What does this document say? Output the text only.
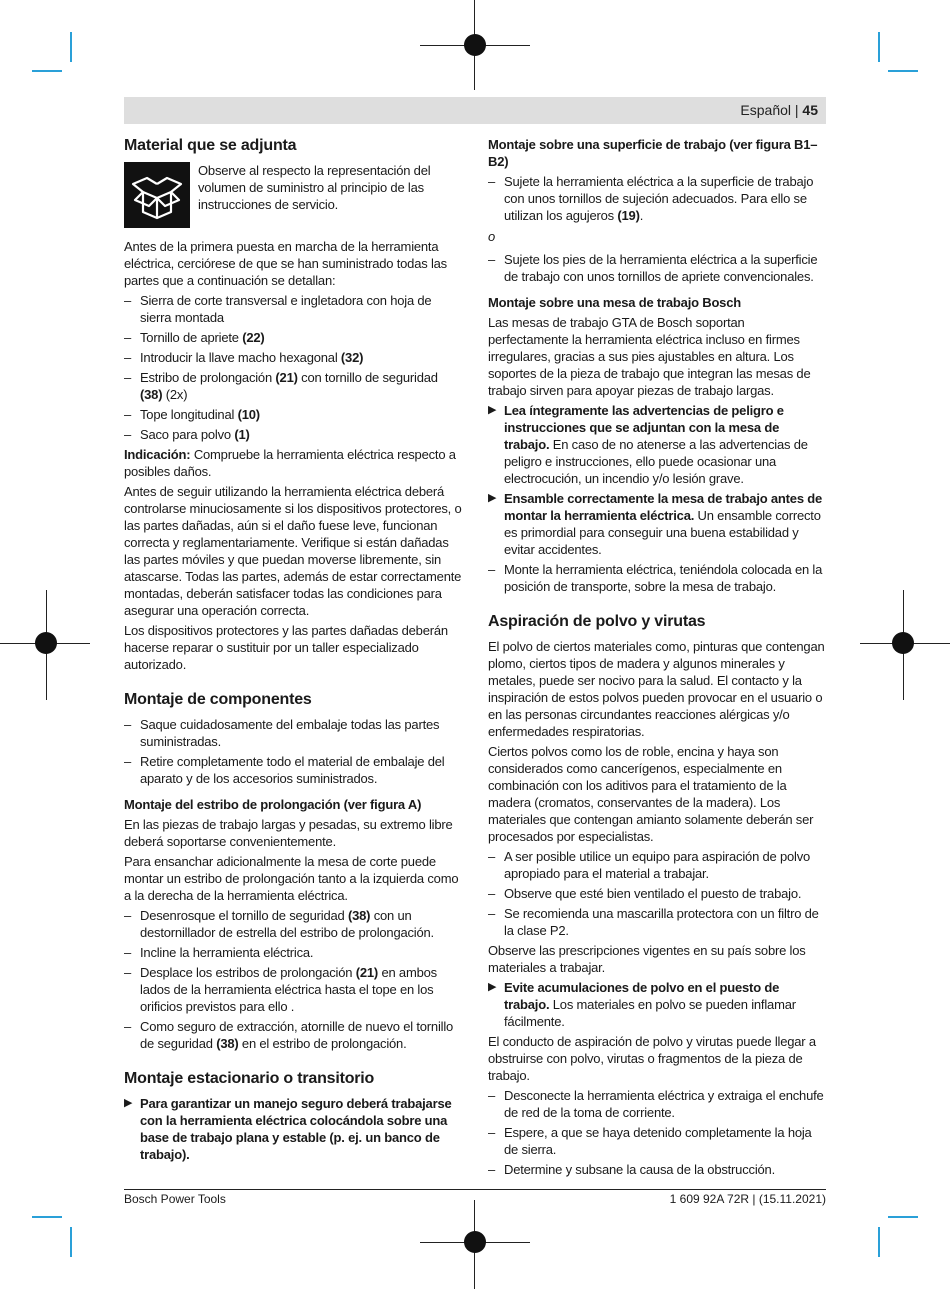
Español | 45
Material que se adjunta
Observe al respecto la representación del volumen de suministro al principio de las instrucciones de servicio.

Antes de la primera puesta en marcha de la herramienta eléctrica, cerciórese de que se han suministrado todas las partes que a continuación se detallan:

– Sierra de corte transversal e ingletadora con hoja de sierra montada
– Tornillo de apriete (22)
– Introducir la llave macho hexagonal (32)
– Estribo de prolongación (21) con tornillo de seguridad (38) (2x)
– Tope longitudinal (10)
– Saco para polvo (1)

Indicación: Compruebe la herramienta eléctrica respecto a posibles daños.

Antes de seguir utilizando la herramienta eléctrica deberá controlarse minuciosamente si los dispositivos protectores, o las partes dañadas, aún si el daño fuese leve, funcionan correcta y reglamentariamente. Verifique si están dañadas las partes móviles y que puedan moverse libremente, sin atascarse. Todas las partes, además de estar correctamente montadas, deberán satisfacer todas las condiciones para asegurar una operación correcta.

Los dispositivos protectores y las partes dañadas deberán hacerse reparar o sustituir por un taller especializado autorizado.

Montaje de componentes
– Saque cuidadosamente del embalaje todas las partes suministradas.
– Retire completamente todo el material de embalaje del aparato y de los accesorios suministrados.
Montaje del estribo de prolongación (ver figura A)

En las piezas de trabajo largas y pesadas, su extremo libre deberá soportarse convenientemente.

Para ensanchar adicionalmente la mesa de corte puede montar un estribo de prolongación tanto a la izquierda como a la derecha de la herramienta eléctrica.

– Desenrosque el tornillo de seguridad (38) con un destornillador de estrella del estribo de prolongación.
– Incline la herramienta eléctrica.
– Desplace los estribos de prolongación (21) en ambos lados de la herramienta eléctrica hasta el tope en los orificios previstos para ello .
– Como seguro de extracción, atornille de nuevo el tornillo de seguridad (38) en el estribo de prolongación.
Montaje estacionario o transitorio
▶ Para garantizar un manejo seguro deberá trabajarse con la herramienta eléctrica colocándola sobre una base de trabajo plana y estable (p. ej. un banco de trabajo).
Montaje sobre una superficie de trabajo (ver figura B1–B2)
– Sujete la herramienta eléctrica a la superficie de trabajo con unos tornillos de sujeción adecuados. Para ello se utilizan los agujeros (19).
o
– Sujete los pies de la herramienta eléctrica a la superficie de trabajo con unos tornillos de apriete convencionales.
Montaje sobre una mesa de trabajo Bosch

Las mesas de trabajo GTA de Bosch soportan perfectamente la herramienta eléctrica incluso en firmes irregulares, gracias a sus pies ajustables en altura. Los soportes de la pieza de trabajo que integran las mesas de trabajo sirven para apoyar piezas de trabajo largas.

▶ Lea íntegramente las advertencias de peligro e instrucciones que se adjuntan con la mesa de trabajo. En caso de no atenerse a las advertencias de peligro e instrucciones, ello puede ocasionar una electrocución, un incendio y/o lesión grave.
▶ Ensamble correctamente la mesa de trabajo antes de montar la herramienta eléctrica. Un ensamble correcto es primordial para conseguir una buena estabilidad y evitar accidentes.
– Monte la herramienta eléctrica, teniéndola colocada en la posición de transporte, sobre la mesa de trabajo.
Aspiración de polvo y virutas

El polvo de ciertos materiales como, pinturas que contengan plomo, ciertos tipos de madera y algunos minerales y metales, puede ser nocivo para la salud. El contacto y la inspiración de estos polvos pueden provocar en el usuario o en las personas circundantes reacciones alérgicas y/o enfermedades respiratorias.

Ciertos polvos como los de roble, encina y haya son considerados como cancerígenos, especialmente en combinación con los aditivos para el tratamiento de la madera (cromatos, conservantes de la madera). Los materiales que contengan amianto solamente deberán ser procesados por especialistas.

– A ser posible utilice un equipo para aspiración de polvo apropiado para el material a trabajar.
– Observe que esté bien ventilado el puesto de trabajo.
– Se recomienda una mascarilla protectora con un filtro de la clase P2.

Observe las prescripciones vigentes en su país sobre los materiales a trabajar.

▶ Evite acumulaciones de polvo en el puesto de trabajo. Los materiales en polvo se pueden inflamar fácilmente.

El conducto de aspiración de polvo y virutas puede llegar a obstruirse con polvo, virutas o fragmentos de la pieza de trabajo.

– Desconecte la herramienta eléctrica y extraiga el enchufe de red de la toma de corriente.
– Espere, a que se haya detenido completamente la hoja de sierra.
– Determine y subsane la causa de la obstrucción.
Bosch Power Tools	1 609 92A 72R | (15.11.2021)
